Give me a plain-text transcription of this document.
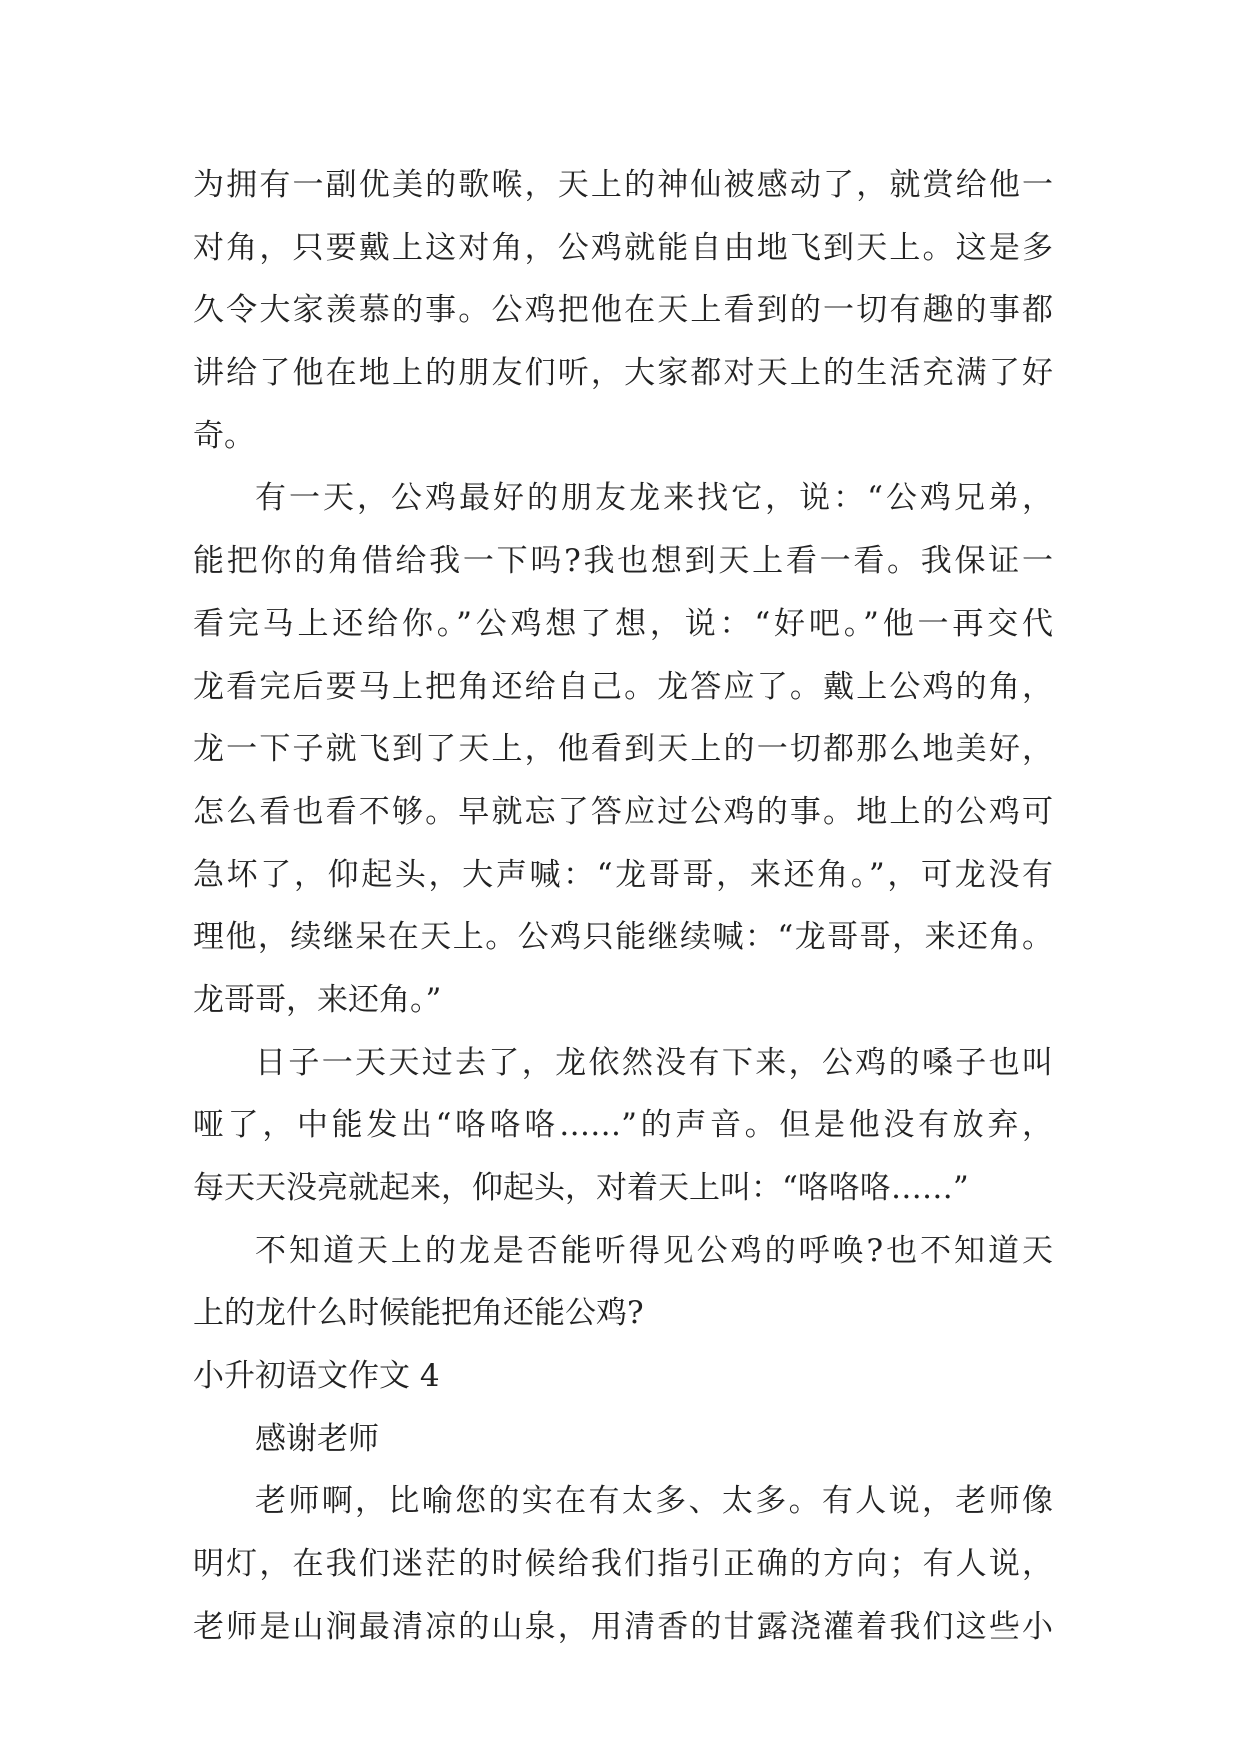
为拥有一副优美的歌喉，天上的神仙被感动了，就赏给他一
对角，只要戴上这对角，公鸡就能自由地飞到天上。这是多
久令大家羡慕的事。公鸡把他在天上看到的一切有趣的事都
讲给了他在地上的朋友们听，大家都对天上的生活充满了好
奇。
有一天，公鸡最好的朋友龙来找它，说：“公鸡兄弟，
能把你的角借给我一下吗?我也想到天上看一看。我保证一
看完马上还给你。”公鸡想了想，说：“好吧。”他一再交代
龙看完后要马上把角还给自己。龙答应了。戴上公鸡的角，
龙一下子就飞到了天上，他看到天上的一切都那么地美好，
怎么看也看不够。早就忘了答应过公鸡的事。地上的公鸡可
急坏了，仰起头，大声喊：“龙哥哥，来还角。”，可龙没有
理他，续继呆在天上。公鸡只能继续喊：“龙哥哥，来还角。
龙哥哥，来还角。”
日子一天天过去了，龙依然没有下来，公鸡的嗓子也叫
哑了，中能发出“咯咯咯……”的声音。但是他没有放弃，
每天天没亮就起来，仰起头，对着天上叫：“咯咯咯……”
不知道天上的龙是否能听得见公鸡的呼唤?也不知道天
上的龙什么时候能把角还能公鸡?
小升初语文作文 4
感谢老师
老师啊，比喻您的实在有太多、太多。有人说，老师像
明灯，在我们迷茫的时候给我们指引正确的方向；有人说，
老师是山涧最清凉的山泉，用清香的甘露浇灌着我们这些小
